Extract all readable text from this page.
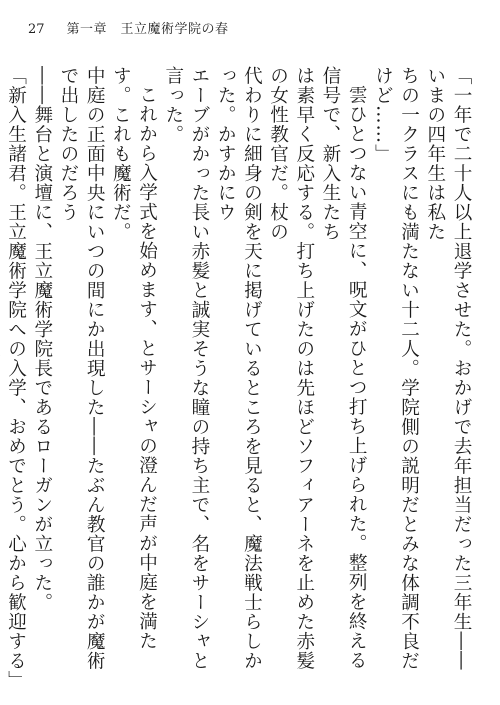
27 第一章　王立魔術学院の春
「一年で二十人以上退学させた。おかげで去年担当だった三年生――いまの四年生は私た
ちの一クラスにも満たない十二人。学院側の説明だとみな体調不良だけど……」
雲ひとつない青空に、呪文がひとつ打ち上げられた。整列を終える信号で、新入生たち
は素早く反応する。打ち上げたのは先ほどソフィアーネを止めた赤髪の女性教官だ。杖の
代わりに細身の剣を天に掲げているところを見ると、魔法戦士らしかった。かすかにウ
エーブがかった長い赤髪と誠実そうな瞳の持ち主で、名をサーシャと言った。
これから入学式を始めます、とサーシャの澄んだ声が中庭を満たす。これも魔術だ。
中庭の正面中央にいつの間にか出現した――たぶん教官の誰かが魔術で出したのだろう
――舞台と演壇に、王立魔術学院長であるローガンが立った。
「新入生諸君。王立魔術学院への入学、おめでとう。心から歓迎する」
